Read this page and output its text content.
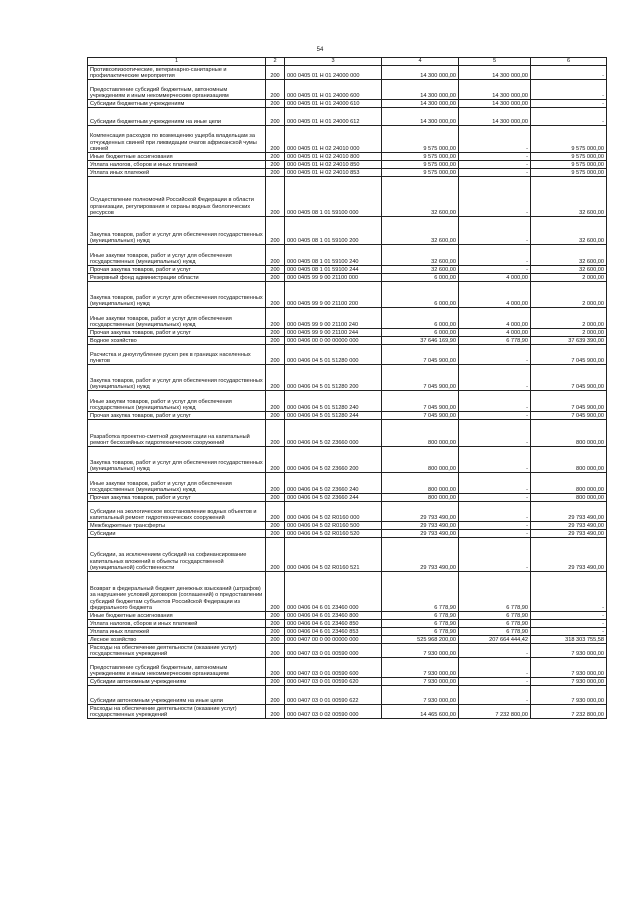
54
1	2	3	4	5	6
Противоэпизоотические, ветеринарно-санитарные и профилактические мероприятия	200	000 0405 01 Н 01 24000 000	14 300 000,00	14 300 000,00	-
Предоставление субсидий бюджетным, автономным учреждениям и иным некоммерческим организациям	200	000 0405 01 Н 01 24000 600	14 300 000,00	14 300 000,00	-
Субсидии бюджетным учреждениям	200	000 0405 01 Н 01 24000 610	14 300 000,00	14 300 000,00	-
Субсидии бюджетным учреждениям на иные цели	200	000 0405 01 Н 01 24000 612	14 300 000,00	14 300 000,00	-
Компенсация расходов по возмещению ущерба владельцам за отчужденных свиней при ликвидации очагов африканской чумы свиней	200	000 0405 01 Н 02 24010 000	9 575 000,00	-	9 575 000,00
Иные бюджетные ассигнования	200	000 0405 01 Н 02 24010 800	9 575 000,00	-	9 575 000,00
Уплата налогов, сборов и иных платежей	200	000 0405 01 Н 02 24010 850	9 575 000,00	-	9 575 000,00
Уплата иных платежей	200	000 0405 01 Н 02 24010 853	9 575 000,00	-	9 575 000,00
Осуществление полномочий Российской Федерации в области организации, регулирования и охраны водных биологических ресурсов	200	000 0405 08 1 01 59100 000	32 600,00	-	32 600,00
Закупка товаров, работ и услуг для обеспечения государственных (муниципальных) нужд	200	000 0405 08 1 01 59100 200	32 600,00	-	32 600,00
Иные закупки товаров, работ и услуг для обеспечения государственных (муниципальных) нужд	200	000 0405 08 1 01 59100 240	32 600,00	-	32 600,00
Прочая закупка товаров, работ и услуг	200	000 0405 08 1 01 59100 244	32 600,00	-	32 600,00
Резервный фонд администрации области	200	000 0405 99 9 00 21100 000	6 000,00	4 000,00	2 000,00
Закупка товаров, работ и услуг для обеспечения государственных (муниципальных) нужд	200	000 0405 99 9 00 21100 200	6 000,00	4 000,00	2 000,00
Иные закупки товаров, работ и услуг для обеспечения государственных (муниципальных) нужд	200	000 0405 99 9 00 21100 240	6 000,00	4 000,00	2 000,00
Прочая закупка товаров, работ и услуг	200	000 0405 99 9 00 21100 244	6 000,00	4 000,00	2 000,00
Водное хозяйство	200	000 0406 00 0 00 00000 000	37 646 169,90	6 778,90	37 639 390,00
Расчистка и дноуглубление русел рек в границах населенных пунктов	200	000 0406 04 5 01 51280 000	7 045 900,00	-	7 045 900,00
Закупка товаров, работ и услуг для обеспечения государственных (муниципальных) нужд	200	000 0406 04 5 01 51280 200	7 045 900,00	-	7 045 900,00
Иные закупки товаров, работ и услуг для обеспечения государственных (муниципальных) нужд	200	000 0406 04 5 01 51280 240	7 045 900,00	-	7 045 900,00
Прочая закупка товаров, работ и услуг	200	000 0406 04 5 01 51280 244	7 045 900,00	-	7 045 900,00
Разработка проектно-сметной документации на капитальный ремонт бесхозяйных гидротехнических сооружений	200	000 0406 04 5 02 23660 000	800 000,00	-	800 000,00
Закупка товаров, работ и услуг для обеспечения государственных (муниципальных) нужд	200	000 0406 04 5 02 23660 200	800 000,00	-	800 000,00
Иные закупки товаров, работ и услуг для обеспечения государственных (муниципальных) нужд	200	000 0406 04 5 02 23660 240	800 000,00	-	800 000,00
Прочая закупка товаров, работ и услуг	200	000 0406 04 5 02 23660 244	800 000,00	-	800 000,00
Субсидии на экологическое восстановление водных объектов и капитальный ремонт гидротехнических сооружений	200	000 0406 04 5 02 R0160 000	29 793 490,00	-	29 793 490,00
Межбюджетные трансферты	200	000 0406 04 5 02 R0160 500	29 793 490,00	-	29 793 490,00
Субсидии	200	000 0406 04 5 02 R0160 520	29 793 490,00	-	29 793 490,00
Субсидии, за исключением субсидий на софинансирование капитальных вложений в объекты государственной (муниципальной) собственности	200	000 0406 04 5 02 R0160 521	29 793 490,00	-	29 793 490,00
Возврат в федеральный бюджет денежных взысканий (штрафов) за нарушение условий договоров (соглашений) о предоставлении субсидий бюджетам субъектов Российской Федерации из федерального бюджета	200	000 0406 04 6 01 23460 000	6 778,90	6 778,90	-
Иные бюджетные ассигнования	200	000 0406 04 6 01 23460 800	6 778,90	6 778,90	-
Уплата налогов, сборов и иных платежей	200	000 0406 04 6 01 23460 850	6 778,90	6 778,90	-
Уплата иных платежей	200	000 0406 04 6 01 23460 853	6 778,90	6 778,90	-
Лесное хозяйство	200	000 0407 00 0 00 00000 000	525 968 200,00	207 664 444,42	318 303 755,58
Расходы на обеспечение деятельности (оказание услуг) государственных учреждений	200	000 0407 03 0 01 00590 000	7 930 000,00	-	7 930 000,00
Предоставление субсидий бюджетным, автономным учреждениям и иным некоммерческим организациям	200	000 0407 03 0 01 00590 600	7 930 000,00	-	7 930 000,00
Субсидии автономным учреждениям	200	000 0407 03 0 01 00590 620	7 930 000,00	-	7 930 000,00
Субсидии автономным учреждениям на иные цели	200	000 0407 03 0 01 00590 622	7 930 000,00	-	7 930 000,00
Расходы на обеспечение деятельности (оказание услуг) государственных учреждений	200	000 0407 03 0 02 00590 000	14 465 600,00	7 232 800,00	7 232 800,00
